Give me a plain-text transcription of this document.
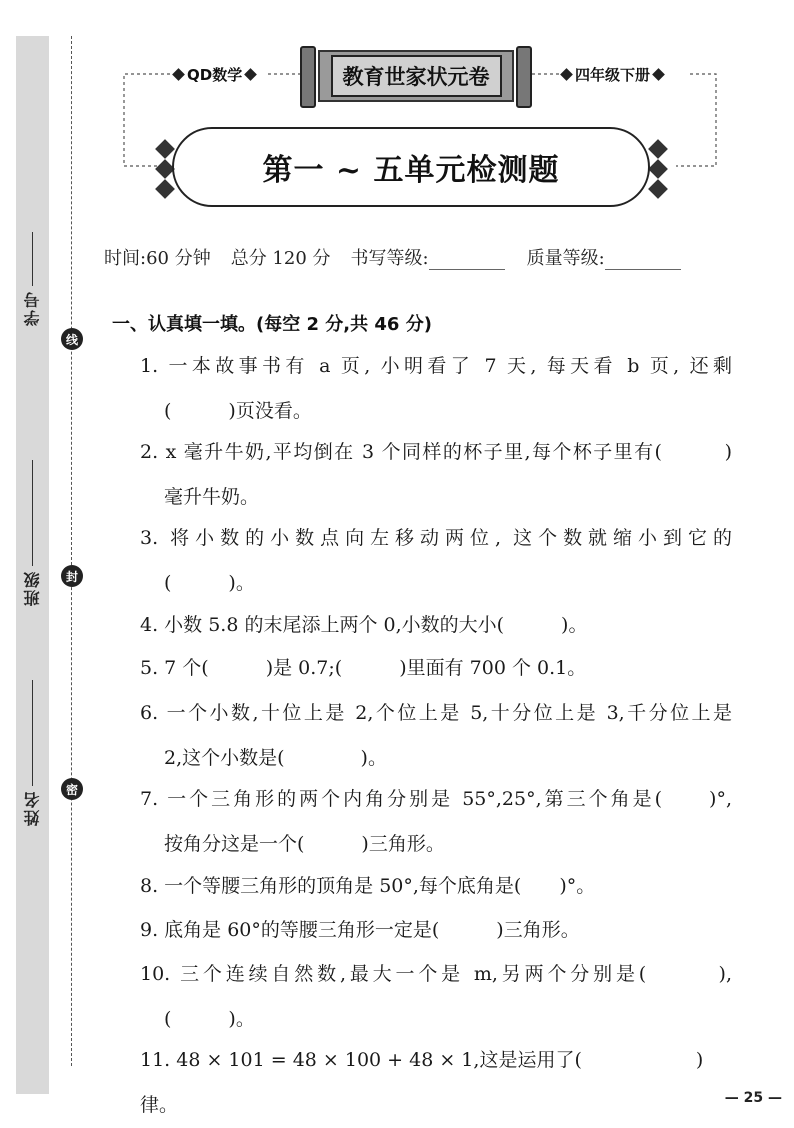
学号
班级
姓名
线
封
密
QD数学	教育世家状元卷	四年级下册
第一 ~ 五单元检测题
时间:60 分钟 总分 120 分 书写等级:	质量等级:
一、认真填一填。(每空 2 分,共 46 分)
1. 一本故事书有 a 页, 小明看了 7 天, 每天看 b 页, 还剩
(　　　)页没看。
2. x 毫升牛奶,平均倒在 3 个同样的杯子里,每个杯子里有(　　　)
毫升牛奶。
3. 将小数的小数点向左移动两位, 这个数就缩小到它的
(　　　)。
4. 小数 5.8 的末尾添上两个 0,小数的大小(　　　)。
5. 7 个(　　　)是 0.7;(　　　)里面有 700 个 0.1。
6. 一个小数,十位上是 2,个位上是 5,十分位上是 3,千分位上是
2,这个小数是(　　　　)。
7. 一个三角形的两个内角分别是 55°,25°,第三个角是(　　)°,
按角分这是一个(　　　)三角形。
8. 一个等腰三角形的顶角是 50°,每个底角是(　　)°。
9. 底角是 60°的等腰三角形一定是(　　　)三角形。
10. 三个连续自然数,最大一个是 m,另两个分别是(　　　),
(　　　)。
11. 48 × 101 = 48 × 100 + 48 × 1,这是运用了(　　　　　　)律。	— 25 —
